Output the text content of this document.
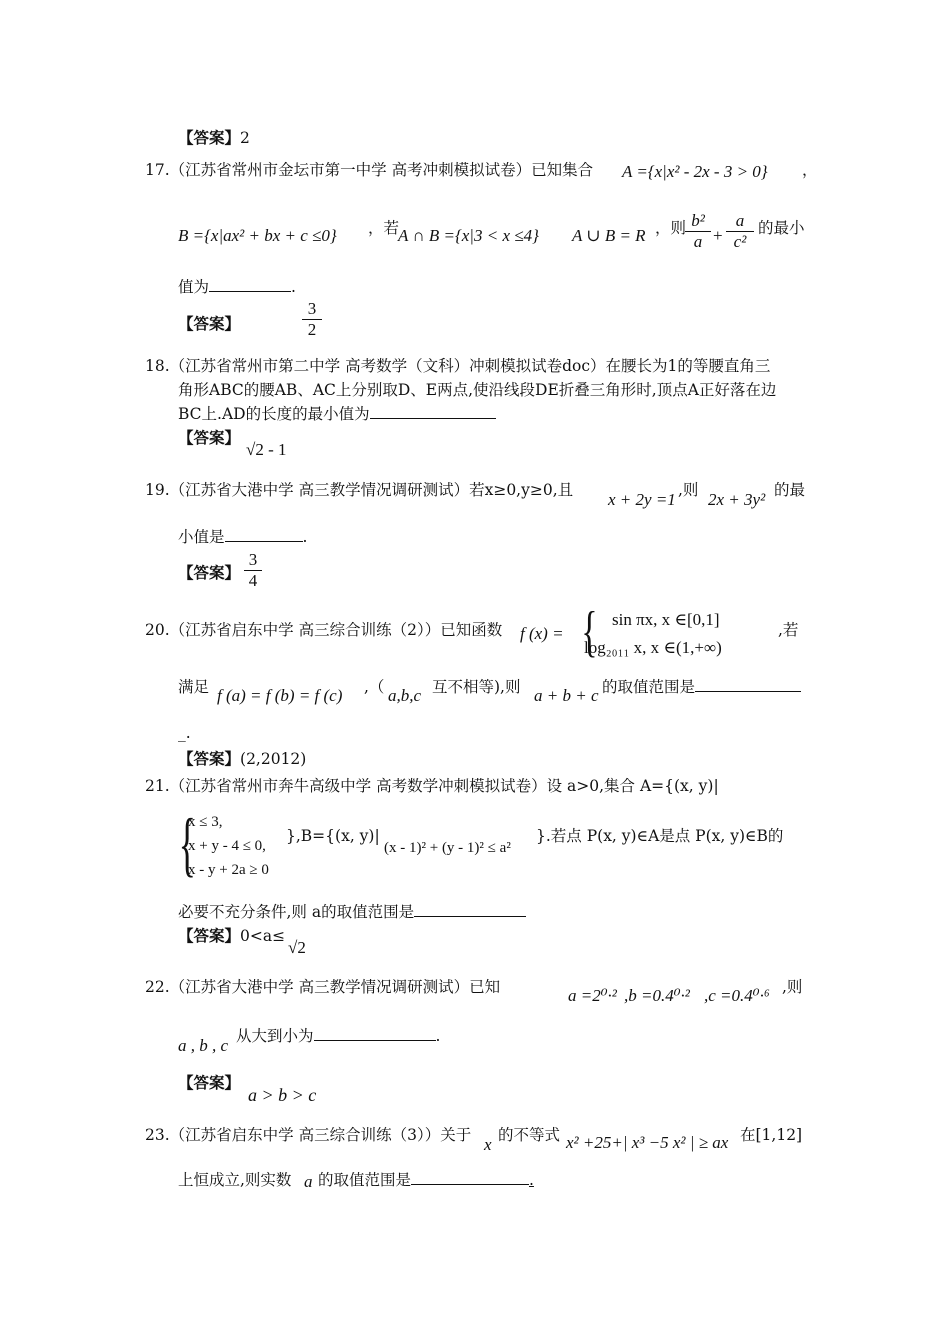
【答案】2
17.（江苏省常州市金坛市第一中学 高考冲刺模拟试卷）已知集合 A ={x|x² - 2x - 3 > 0} ，
B ={x|ax² + bx + c ≤0} ，若
A ∩ B ={x|3 < x ≤4} A ∪ B = R ，则 b²
a +
a
c²
的最小
值为	.
【答案】
3
2
18.（江苏省常州市第二中学 高考数学（文科）冲刺模拟试卷doc）在腰长为1的等腰直角三
角形ABC的腰AB、AC上分别取D、E两点,使沿线段DE折叠三角形时,顶点A正好落在边
BC上.AD的长度的最小值为
【答案】
√2 - 1
19.（江苏省大港中学 高三教学情况调研测试）若x≥0,y≥0,且 x + 2y =1 ,则 2x + 3y² 的最
小值是	.
【答案】
3
4
20.（江苏省启东中学 高三综合训练（2））已知函数 f (x) = { sin πx, x ∈[0,1]
log₂₀₁₁ x, x ∈(1,+∞)
,若
满足 f (a) = f (b) = f (c) ,（ a,b,c 互不相等),则 a + b + c 的取值范围是
_.
【答案】(2,2012)
21.（江苏省常州市奔牛高级中学 高考数学冲刺模拟试卷）设 a>0,集合 A={(x, y)|
{
x ≤ 3,
x + y - 4 ≤ 0,
x - y + 2a ≥ 0
},B={(x, y)|
(x - 1)² + (y - 1)² ≤ a²
}.若点 P(x, y)∈A是点 P(x, y)∈B的
必要不充分条件,则 a的取值范围是
【答案】0<a≤
√2
22.（江苏省大港中学 高三教学情况调研测试）已知	a =2⁰·² ,b =0.4⁰·² ,c =0.4⁰·⁶ ,则
a , b , c 从大到小为	.
【答案】
a > b > c
23.（江苏省启东中学 高三综合训练（3））关于 x 的不等式 x² +25+| x³ −5 x² | ≥ ax 在[1,12]
上恒成立,则实数 a 的取值范围是	.
